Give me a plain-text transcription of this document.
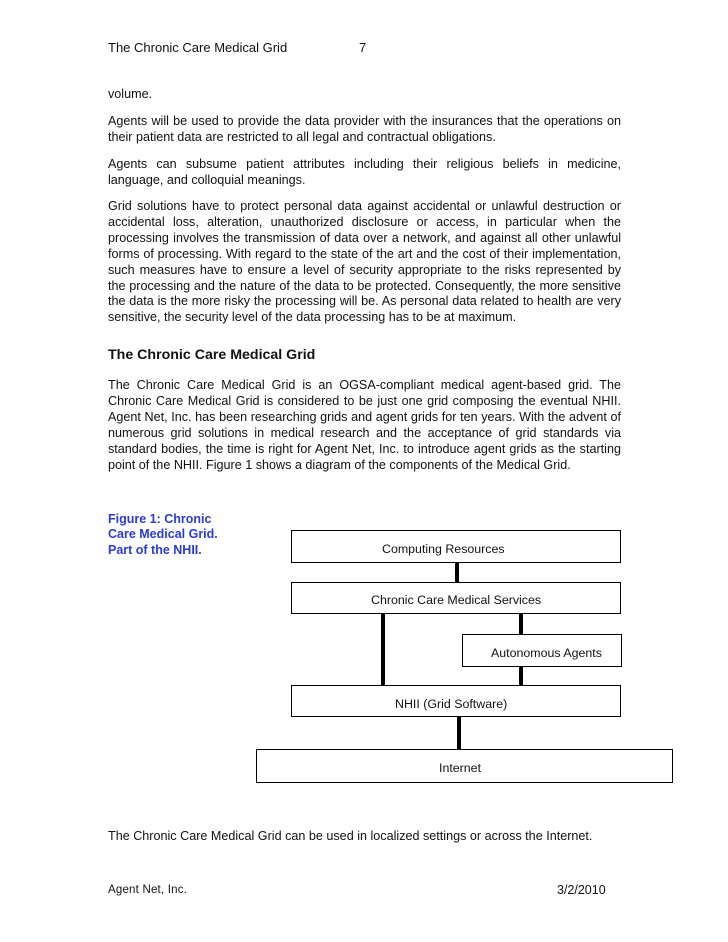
The Chronic Care Medical Grid	7

volume.

Agents will be used to provide the data provider with the insurances that the operations on their patient data are restricted to all legal and contractual obligations.

Agents can subsume patient attributes including their religious beliefs in medicine, language, and colloquial meanings.

Grid solutions have to protect personal data against accidental or unlawful destruction or accidental loss, alteration, unauthorized disclosure or access, in particular when the processing involves the transmission of data over a network, and against all other unlawful forms of processing. With regard to the state of the art and the cost of their implementation, such measures have to ensure a level of security appropriate to the risks represented by the processing and the nature of the data to be protected. Consequently, the more sensitive the data is the more risky the processing will be. As personal data related to health are very sensitive, the security level of the data processing has to be at maximum.

The Chronic Care Medical Grid

The Chronic Care Medical Grid is an OGSA-compliant medical agent-based grid. The Chronic Care Medical Grid is considered to be just one grid composing the eventual NHII. Agent Net, Inc. has been researching grids and agent grids for ten years. With the advent of numerous grid solutions in medical research and the acceptance of grid standards via standard bodies, the time is right for Agent Net, Inc. to introduce agent grids as the starting point of the NHII. Figure 1 shows a diagram of the components of the Medical Grid.

Figure 1: Chronic
Care Medical Grid.
Part of the NHII.	Computing Resources
Chronic Care Medical Services
Autonomous Agents
NHII (Grid Software)
Internet

The Chronic Care Medical Grid can be used in localized settings or across the Internet.

Agent Net, Inc.	3/2/2010
